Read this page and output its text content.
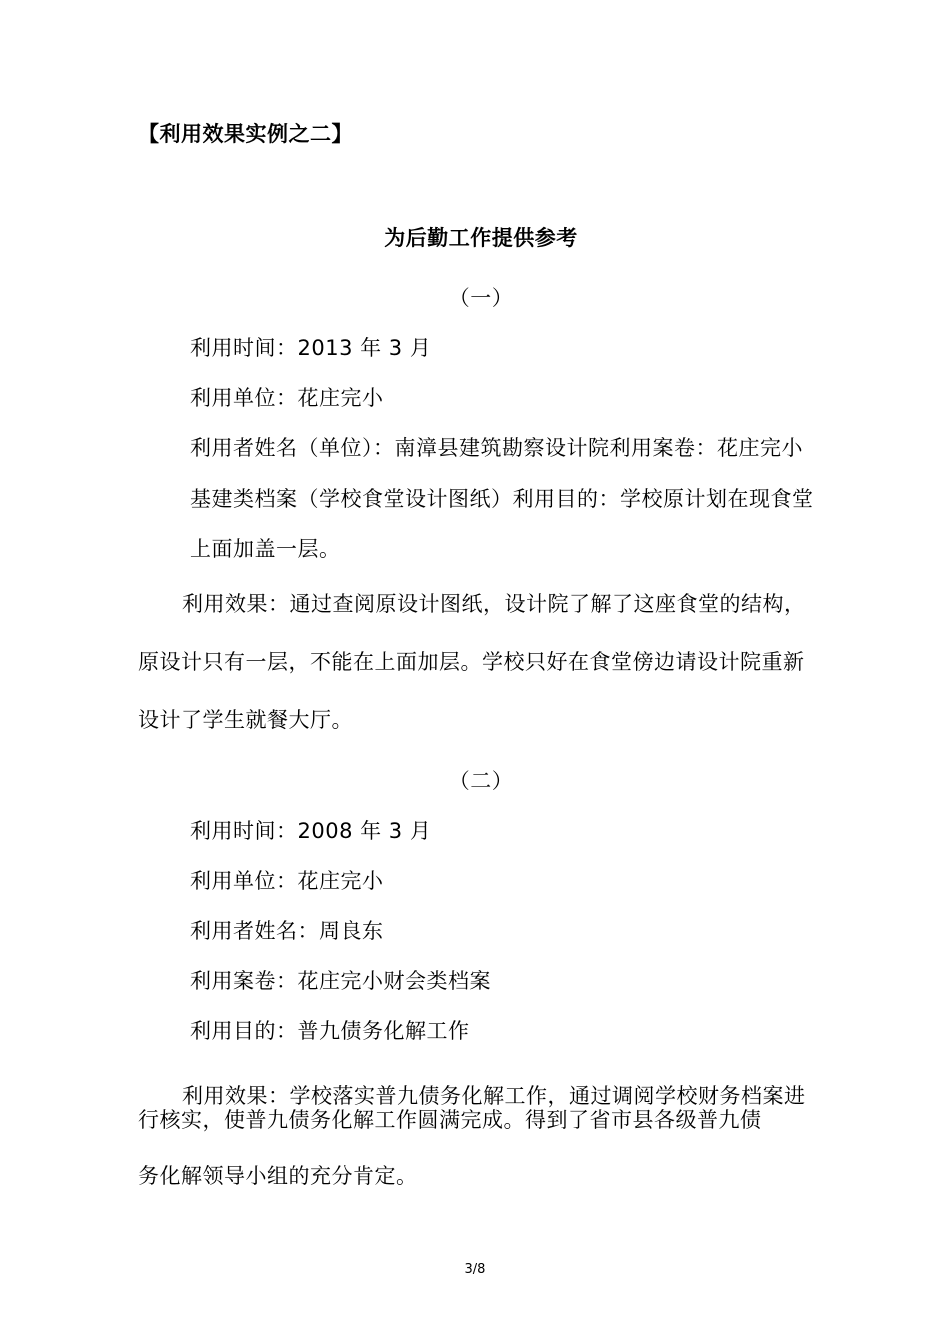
【利用效果实例之二】
为后勤工作提供参考
（一）
利用时间：2013 年 3 月
利用单位：花庄完小
利用者姓名（单位）：南漳县建筑勘察设计院利用案卷：花庄完小
基建类档案（学校食堂设计图纸）利用目的：学校原计划在现食堂
上面加盖一层。
利用效果：通过查阅原设计图纸，设计院了解了这座食堂的结构，
原设计只有一层，不能在上面加层。学校只好在食堂傍边请设计院重新
设计了学生就餐大厅。
（二）
利用时间：2008 年 3 月
利用单位：花庄完小
利用者姓名：周良东
利用案卷：花庄完小财会类档案
利用目的：普九债务化解工作
利用效果：学校落实普九债务化解工作，通过调阅学校财务档案进
行核实，使普九债务化解工作圆满完成。得到了省市县各级普九债
务化解领导小组的充分肯定。
3/8
